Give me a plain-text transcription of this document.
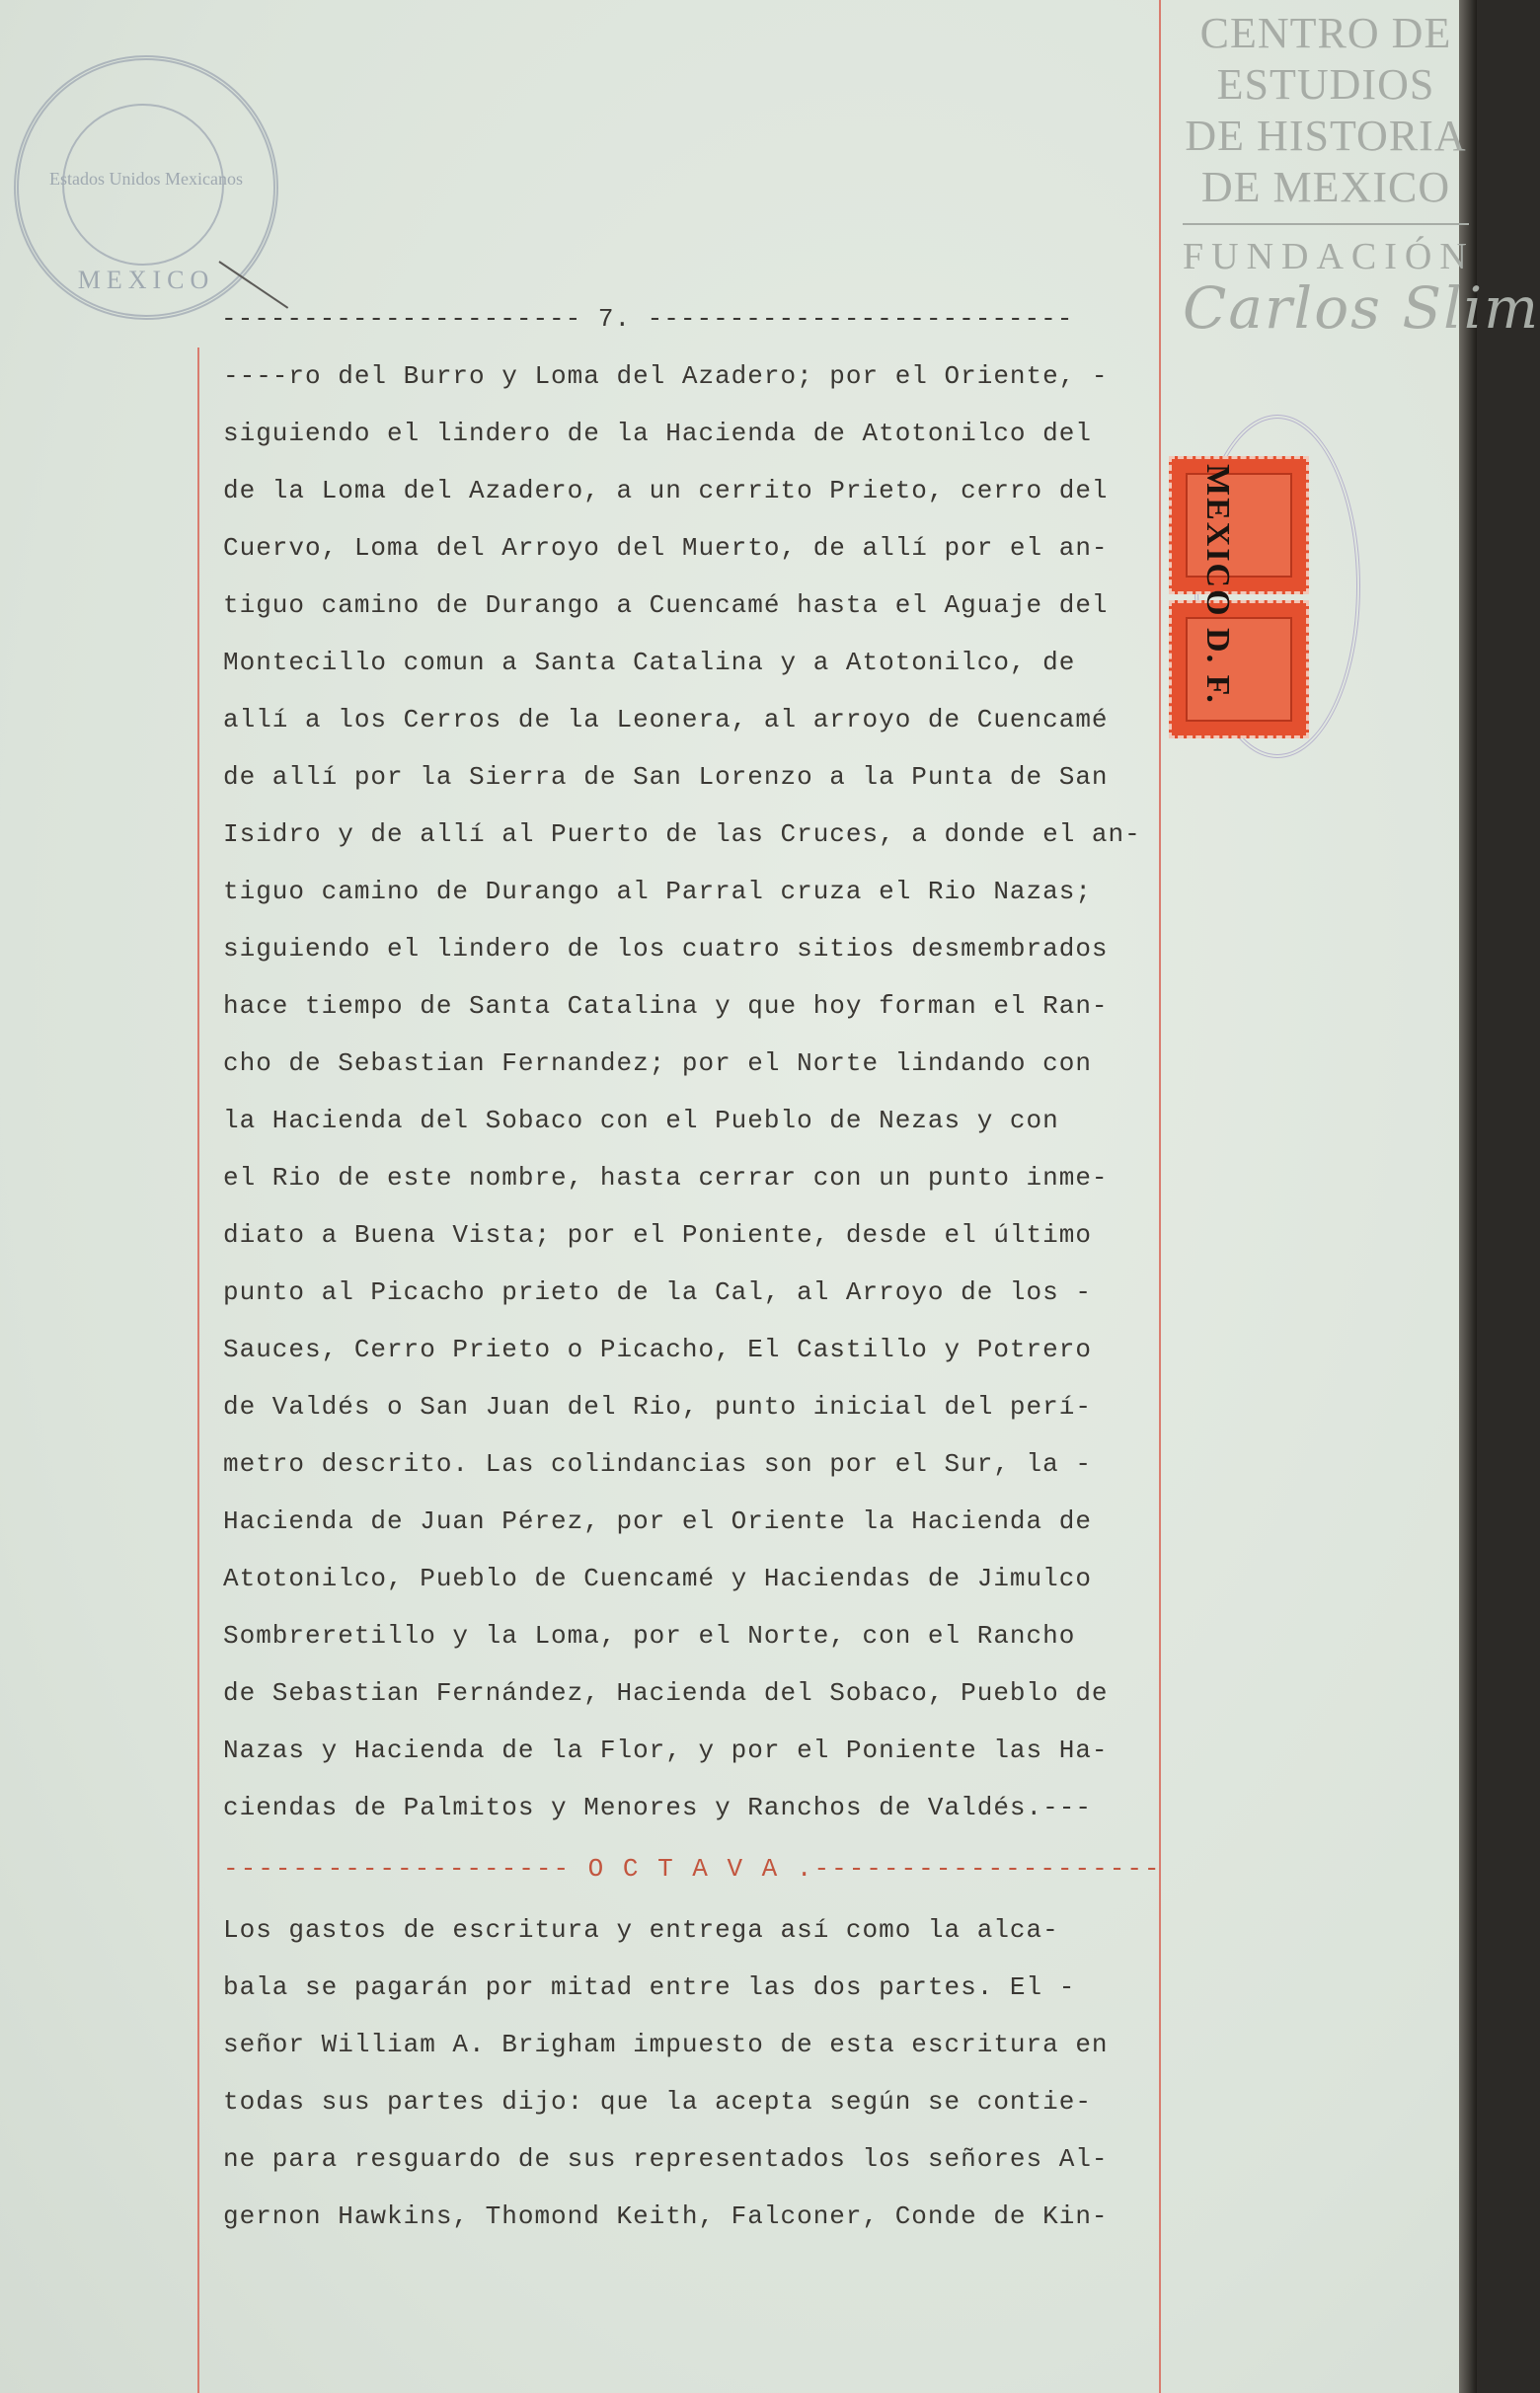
CENTRO DE
ESTUDIOS
DE HISTORIA
DE MEXICO
FUNDACIÓN
Carlos Slim
Estados Unidos Mexicanos
MEXICO
MEXICO D. F.

---------------------- 7. --------------------------

----ro del Burro y Loma del Azadero; por el Oriente, -

siguiendo el lindero de la Hacienda de Atotonilco del

de la Loma del Azadero, a un cerrito Prieto, cerro del

Cuervo, Loma del Arroyo del Muerto, de allí por el an-

tiguo camino de Durango a Cuencamé hasta el Aguaje del

Montecillo comun a Santa Catalina y a Atotonilco, de

allí a los Cerros de la Leonera, al arroyo de Cuencamé

de allí por la Sierra de San Lorenzo a la Punta de San

Isidro y de allí al Puerto de las Cruces, a donde el an-

tiguo camino de Durango al Parral cruza el Rio Nazas;

siguiendo el lindero de los cuatro sitios desmembrados

hace tiempo de Santa Catalina y que hoy forman el Ran-

cho de Sebastian Fernandez; por el Norte lindando con

la Hacienda del Sobaco con el Pueblo de Nezas y con

el Rio de este nombre, hasta cerrar con un punto inme-

diato a Buena Vista; por el Poniente, desde el último

punto al Picacho prieto de la Cal, al Arroyo de los -

Sauces, Cerro Prieto o Picacho, El Castillo y Potrero

de Valdés o San Juan del Rio, punto inicial del perí-

metro descrito. Las colindancias son por el Sur, la -

Hacienda de Juan Pérez, por el Oriente la Hacienda de

Atotonilco, Pueblo de Cuencamé y Haciendas de Jimulco

Sombreretillo y la Loma, por el Norte, con el Rancho

de Sebastian Fernández, Hacienda del Sobaco, Pueblo de

Nazas y Hacienda de la Flor, y por el Poniente las Ha-

ciendas de Palmitos y Menores y Ranchos de Valdés.---

-------------------- O C T A V A .--------------------

Los gastos de escritura y entrega así como la alca-

bala se pagarán por mitad entre las dos partes. El -

señor William A. Brigham impuesto de esta escritura en

todas sus partes dijo: que la acepta según se contie-

ne para resguardo de sus representados los señores Al-

gernon Hawkins, Thomond Keith, Falconer, Conde de Kin-
